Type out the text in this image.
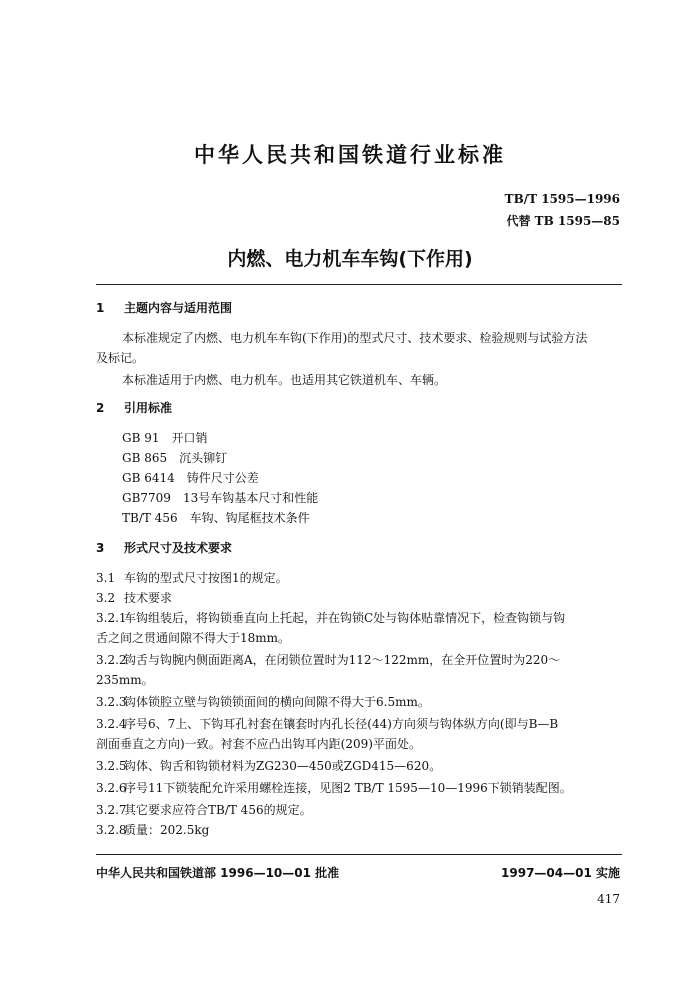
中华人民共和国铁道行业标准
TB/T 1595—1996
代替 TB 1595—85
内燃、电力机车车钩(下作用)
1 主题内容与适用范围
本标准规定了内燃、电力机车车钩(下作用)的型式尺寸、技术要求、检验规则与试验方法
及标记。
本标准适用于内燃、电力机车。也适用其它铁道机车、车辆。
2 引用标准
GB 91　开口销
GB 865　沉头铆钉
GB 6414　铸件尺寸公差
GB7709　13号车钩基本尺寸和性能
TB/T 456　车钩、钩尾框技术条件
3 形式尺寸及技术要求
3.1 车钩的型式尺寸按图1的规定。
3.2 技术要求
3.2.1车钩组装后，将钩锁垂直向上托起，并在钩锁C处与钩体贴靠情况下，检查钩锁与钩
舌之间之贯通间隙不得大于18mm。
3.2.2钩舌与钩腕内侧面距离A，在闭锁位置时为112～122mm，在全开位置时为220～
235mm。
3.2.3钩体锁腔立壁与钩锁锁面间的横向间隙不得大于6.5mm。
3.2.4序号6、7上、下钩耳孔衬套在镶套时内孔长径(44)方向须与钩体纵方向(即与B—B
剖面垂直之方向)一致。衬套不应凸出钩耳内距(209)平面处。
3.2.5钩体、钩舌和钩锁材料为ZG230—450或ZGD415—620。
3.2.6序号11下锁装配允许采用螺栓连接，见图2 TB/T 1595—10—1996下锁销装配图。
3.2.7其它要求应符合TB/T 456的规定。
3.2.8质量：202.5kg
中华人民共和国铁道部 1996—10—01 批准	1997—04—01 实施
417
